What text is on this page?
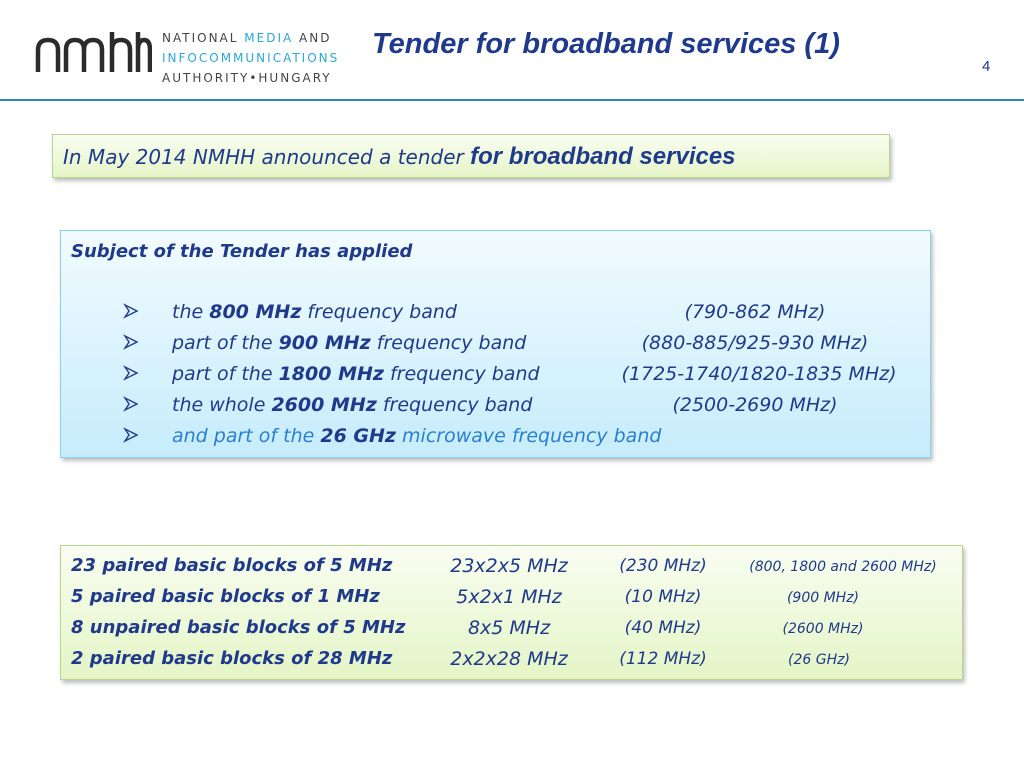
NATIONAL MEDIA AND
INFOCOMMUNICATIONS
AUTHORITY•HUNGARY
Tender for broadband services (1)
4
In May 2014 NMHH announced a tender for broadband services
Subject of the Tender has applied
the 800 MHz frequency band	(790-862 MHz)
part of the 900 MHz frequency band	(880-885/925-930 MHz)
part of the 1800 MHz frequency band	(1725-1740/1820-1835 MHz)
the whole 2600 MHz frequency band	(2500-2690 MHz)
and part of the 26 GHz microwave frequency band
23 paired basic blocks of 5 MHz	23x2x5 MHz	(230 MHz)	(800, 1800 and 2600 MHz)
5 paired basic blocks of 1 MHz	5x2x1 MHz	(10 MHz)	(900 MHz)
8 unpaired basic blocks of 5 MHz	8x5 MHz	(40 MHz)	(2600 MHz)
2 paired basic blocks of 28 MHz	2x2x28 MHz	(112 MHz)	(26 GHz)
